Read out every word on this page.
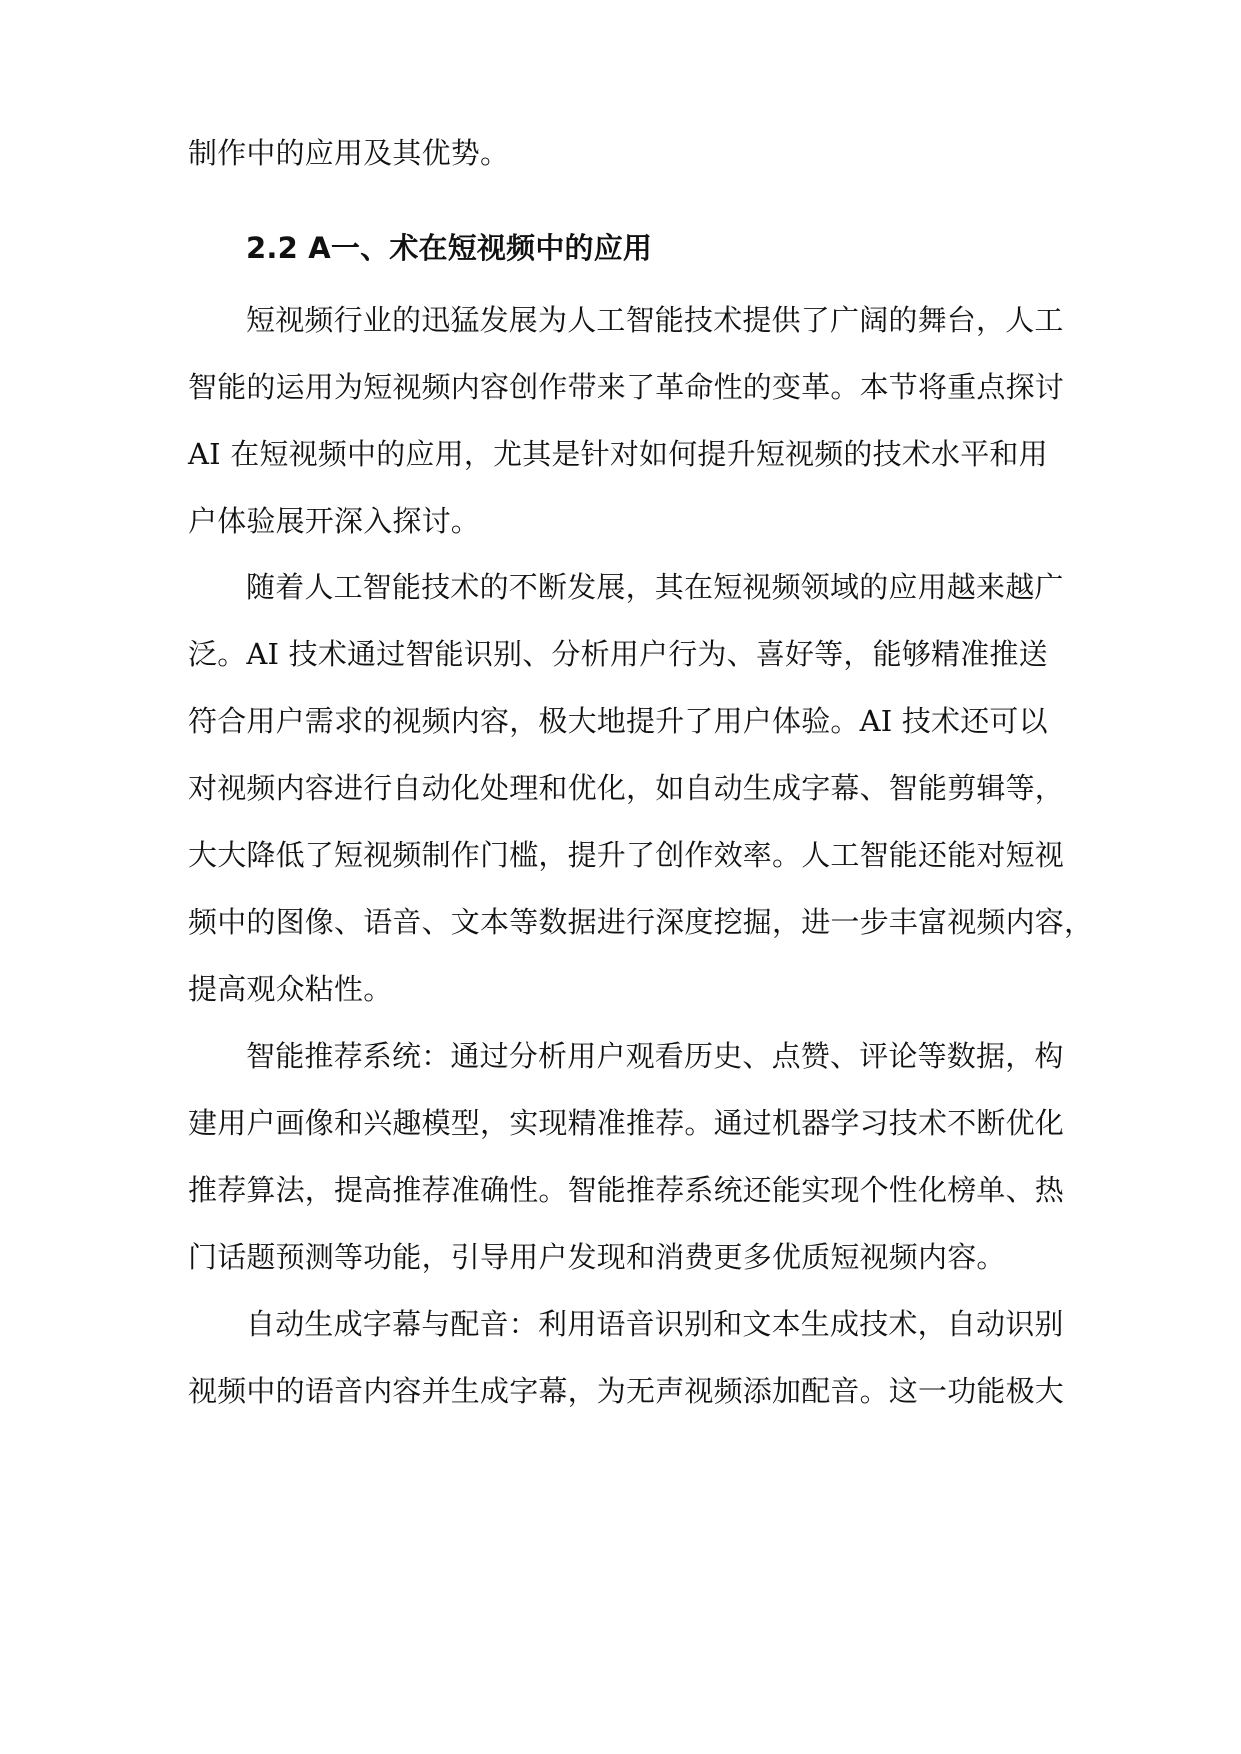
制作中的应用及其优势。
2.2 A一、术在短视频中的应用
短视频行业的迅猛发展为人工智能技术提供了广阔的舞台，人工
智能的运用为短视频内容创作带来了革命性的变革。本节将重点探讨
AI 在短视频中的应用，尤其是针对如何提升短视频的技术水平和用
户体验展开深入探讨。
随着人工智能技术的不断发展，其在短视频领域的应用越来越广
泛。AI 技术通过智能识别、分析用户行为、喜好等，能够精准推送
符合用户需求的视频内容，极大地提升了用户体验。AI 技术还可以
对视频内容进行自动化处理和优化，如自动生成字幕、智能剪辑等，
大大降低了短视频制作门槛，提升了创作效率。人工智能还能对短视
频中的图像、语音、文本等数据进行深度挖掘，进一步丰富视频内容，
提高观众粘性。
智能推荐系统：通过分析用户观看历史、点赞、评论等数据，构
建用户画像和兴趣模型，实现精准推荐。通过机器学习技术不断优化
推荐算法，提高推荐准确性。智能推荐系统还能实现个性化榜单、热
门话题预测等功能，引导用户发现和消费更多优质短视频内容。
自动生成字幕与配音：利用语音识别和文本生成技术，自动识别
视频中的语音内容并生成字幕，为无声视频添加配音。这一功能极大
